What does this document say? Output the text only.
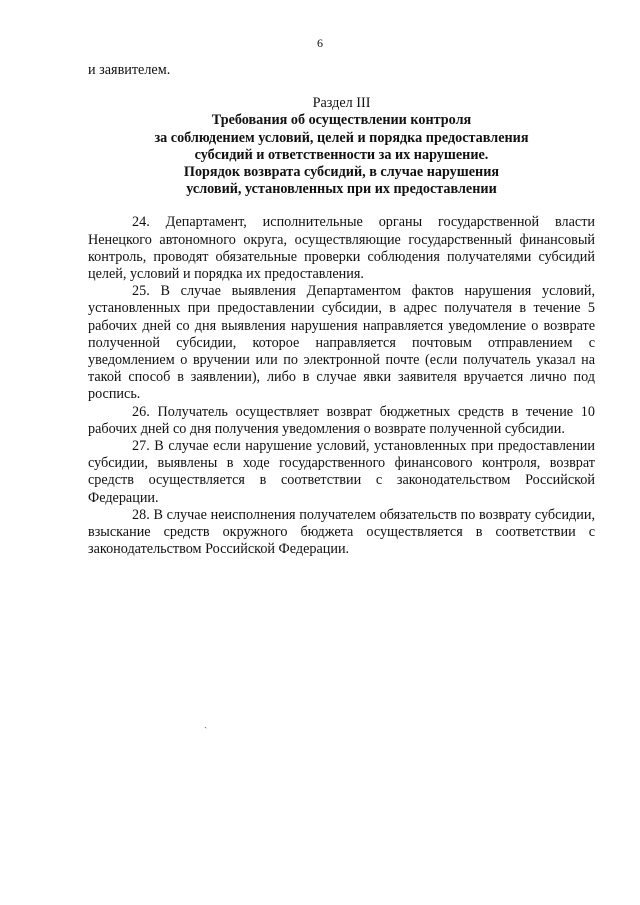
6

и заявителем.

Раздел III

Требования об осуществлении контроля
за соблюдением условий, целей и порядка предоставления
субсидий и ответственности за их нарушение.
Порядок возврата субсидий, в случае нарушения
условий, установленных при их предоставлении

24. Департамент, исполнительные органы государственной власти Ненецкого автономного округа, осуществляющие государственный финансовый контроль, проводят обязательные проверки соблюдения получателями субсидий целей, условий и порядка их предоставления.

25. В случае выявления Департаментом фактов нарушения условий, установленных при предоставлении субсидии, в адрес получателя в течение 5 рабочих дней со дня выявления нарушения направляется уведомление о возврате полученной субсидии, которое направляется почтовым отправлением с уведомлением о вручении или по электронной почте (если получатель указал на такой способ в заявлении), либо в случае явки заявителя вручается лично под роспись.

26. Получатель осуществляет возврат бюджетных средств в течение 10 рабочих дней со дня получения уведомления о возврате полученной субсидии.

27. В случае если нарушение условий, установленных при предоставлении субсидии, выявлены в ходе государственного финансового контроля, возврат средств осуществляется в соответствии с законодательством Российской Федерации.

28. В случае неисполнения получателем обязательств по возврату субсидии, взыскание средств окружного бюджета осуществляется в соответствии с законодательством Российской Федерации.

ˏ
